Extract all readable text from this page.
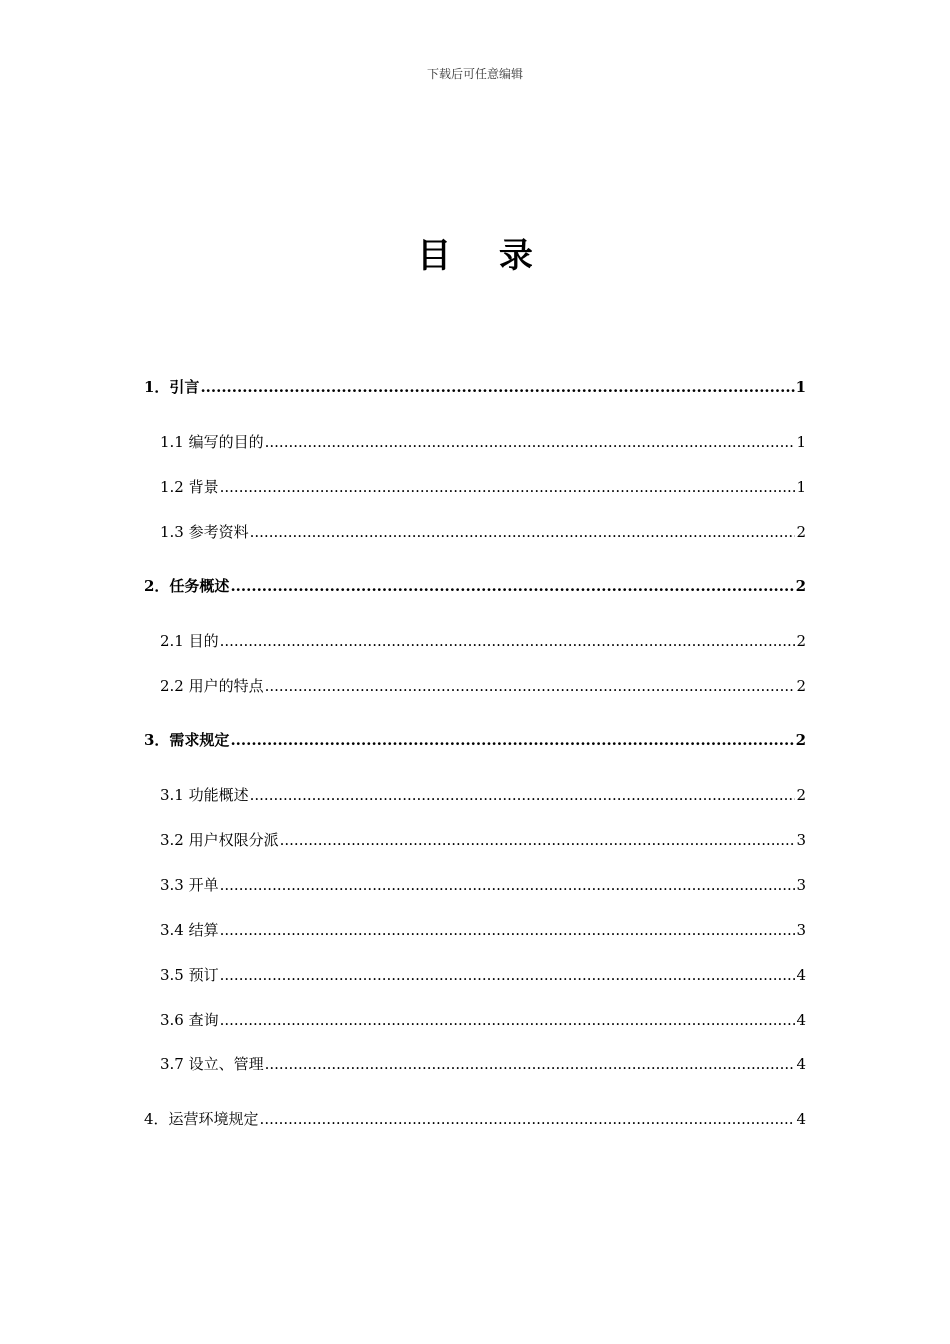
下载后可任意编辑
目 录
1．引言 .....	1
1.1 编写的目的 .....	1
1.2 背景 .....	1
1.3 参考资料 .....	2
2．任务概述 .....	2
2.1 目的 .....	2
2.2 用户的特点 .....	2
3．需求规定 .....	2
3.1 功能概述 .....	2
3.2 用户权限分派 .....	3
3.3 开单 .....	3
3.4 结算 .....	3
3.5 预订 .....	4
3.6 查询 .....	4
3.7 设立、管理 .....	4
4．运营环境规定 .....	4
